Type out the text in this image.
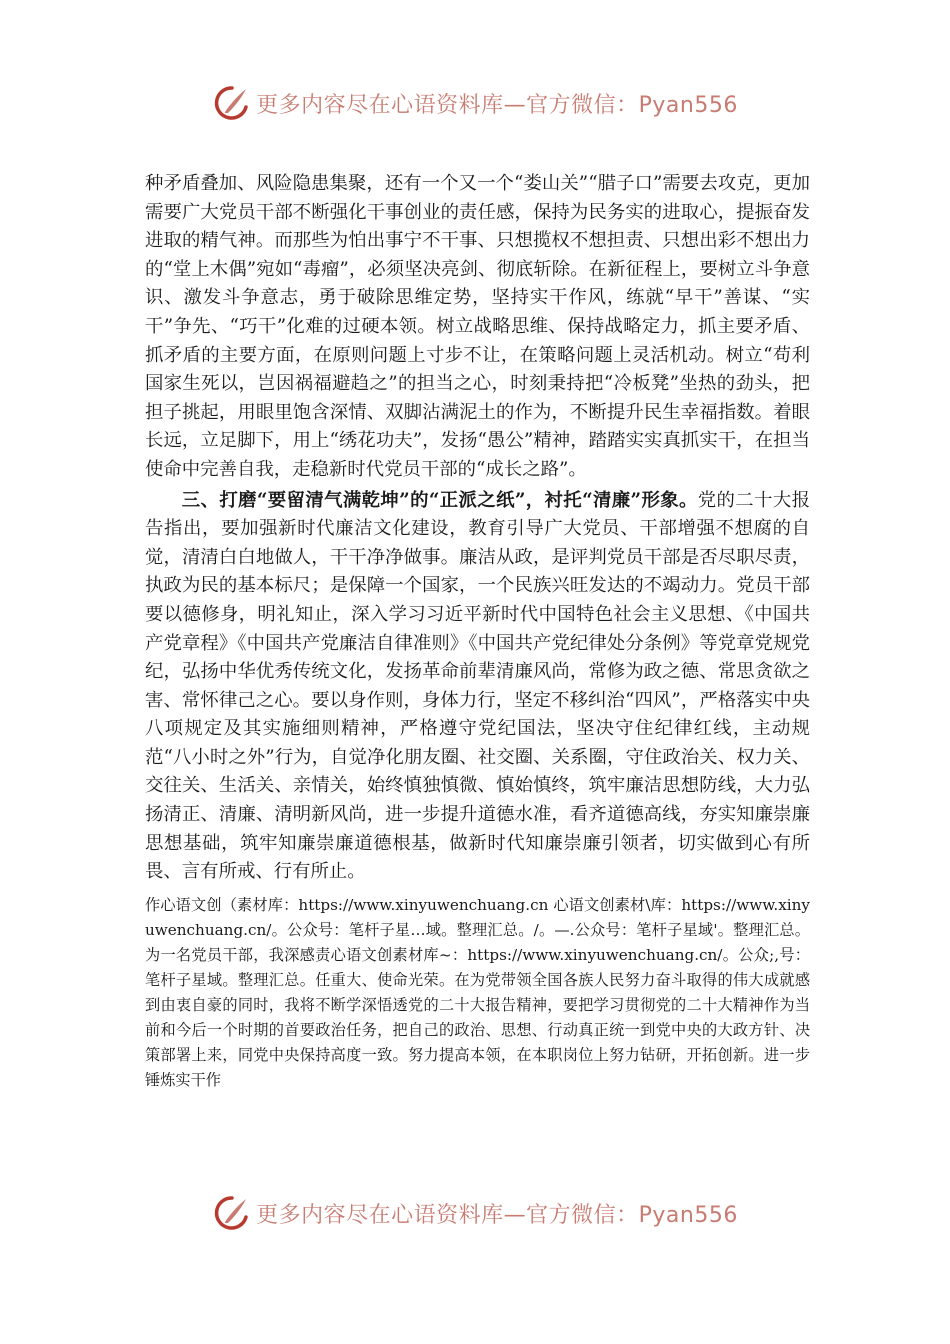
更多内容尽在心语资料库—官方微信：Pyan556

种矛盾叠加、风险隐患集聚，还有一个又一个“娄山关”“腊子口”需要去攻克，更加需要广大党员干部不断强化干事创业的责任感，保持为民务实的进取心，提振奋发进取的精气神。而那些为怕出事宁不干事、只想揽权不想担责、只想出彩不想出力的“堂上木偶”宛如“毒瘤”，必须坚决亮剑、彻底斩除。在新征程上，要树立斗争意识、激发斗争意志，勇于破除思维定势，坚持实干作风，练就“早干”善谋、“实干”争先、“巧干”化难的过硬本领。树立战略思维、保持战略定力，抓主要矛盾、抓矛盾的主要方面，在原则问题上寸步不让，在策略问题上灵活机动。树立“苟利国家生死以，岂因祸福避趋之”的担当之心，时刻秉持把“冷板凳”坐热的劲头，把担子挑起，用眼里饱含深情、双脚沾满泥土的作为，不断提升民生幸福指数。着眼长远，立足脚下，用上“绣花功夫”，发扬“愚公”精神，踏踏实实真抓实干，在担当使命中完善自我，走稳新时代党员干部的“成长之路”。

三、打磨“要留清气满乾坤”的“正派之纸”，衬托“清廉”形象。党的二十大报告指出，要加强新时代廉洁文化建设，教育引导广大党员、干部增强不想腐的自觉，清清白白地做人，干干净净做事。廉洁从政，是评判党员干部是否尽职尽责，执政为民的基本标尺；是保障一个国家，一个民族兴旺发达的不竭动力。党员干部要以德修身，明礼知止，深入学习习近平新时代中国特色社会主义思想、《中国共产党章程》《中国共产党廉洁自律准则》《中国共产党纪律处分条例》等党章党规党纪，弘扬中华优秀传统文化，发扬革命前辈清廉风尚，常修为政之德、常思贪欲之害、常怀律己之心。要以身作则，身体力行，坚定不移纠治“四风”，严格落实中央八项规定及其实施细则精神，严格遵守党纪国法，坚决守住纪律红线，主动规范“八小时之外”行为，自觉净化朋友圈、社交圈、关系圈，守住政治关、权力关、交往关、生活关、亲情关，始终慎独慎微、慎始慎终，筑牢廉洁思想防线，大力弘扬清正、清廉、清明新风尚，进一步提升道德水准，看齐道德高线，夯实知廉崇廉思想基础，筑牢知廉崇廉道德根基，做新时代知廉崇廉引领者，切实做到心有所畏、言有所戒、行有所止。

作心语文创（素材库：https://www.xinyuwenchuang.cn 心语文创素材\库：https://www.xinyuwenchuang.cn/。公众号：笔杆子星…域。整理汇总。/。—.公众号：笔杆子星域'。整理汇总。为一名党员干部，我深感责心语文创素材库~：https://www.xinyuwenchuang.cn/。公众;,号：笔杆子星域。整理汇总。任重大、使命光荣。在为党带领全国各族人民努力奋斗取得的伟大成就感到由衷自豪的同时，我将不断学深悟透党的二十大报告精神，要把学习贯彻党的二十大精神作为当前和今后一个时期的首要政治任务，把自己的政治、思想、行动真正统一到党中央的大政方针、决策部署上来，同党中央保持高度一致。努力提高本领，在本职岗位上努力钻研，开拓创新。进一步锤炼实干作

更多内容尽在心语资料库—官方微信：Pyan556
